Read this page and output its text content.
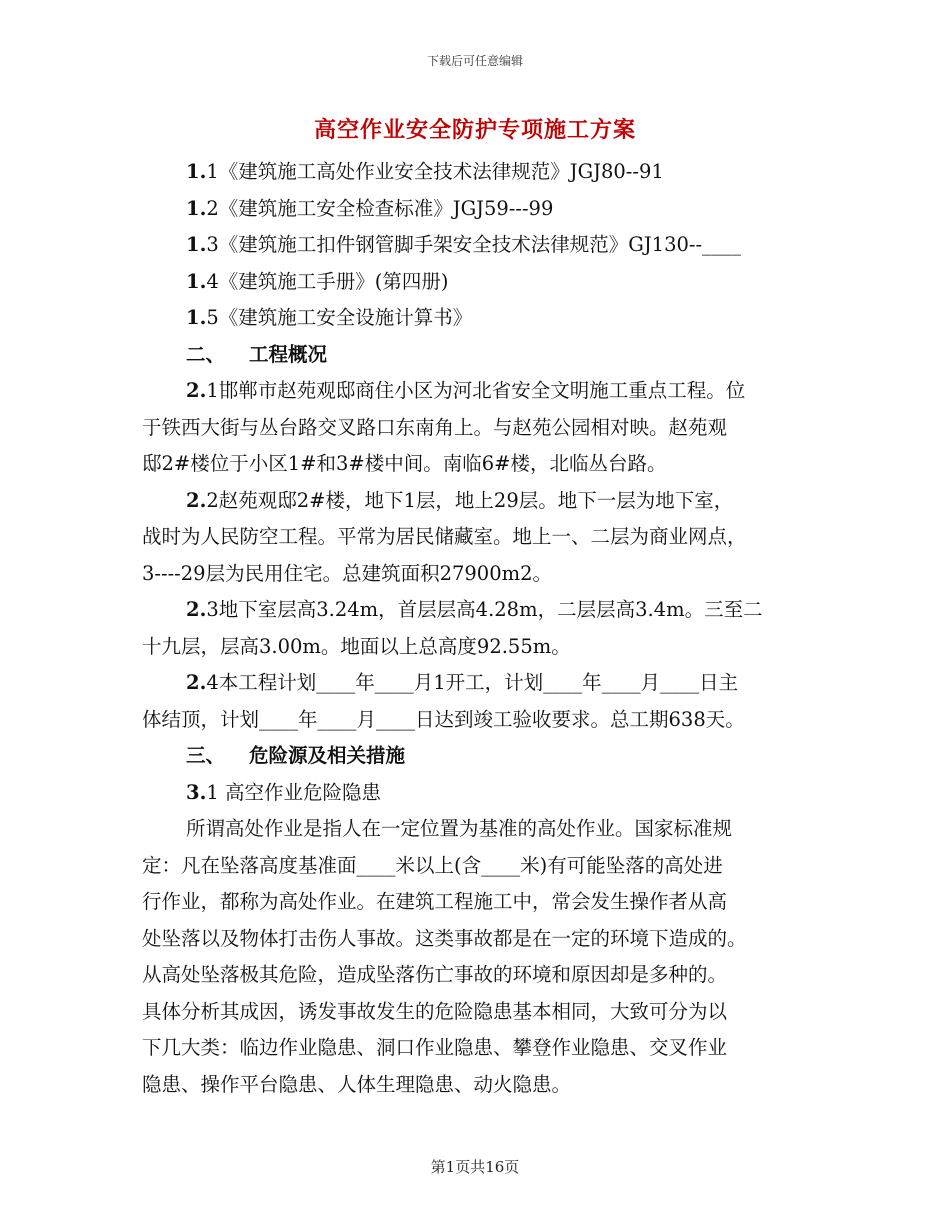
下载后可任意编辑
高空作业安全防护专项施工方案
1.1《建筑施工高处作业安全技术法律规范》JGJ80--91
1.2《建筑施工安全检查标准》JGJ59---99
1.3《建筑施工扣件钢管脚手架安全技术法律规范》GJ130--____
1.4《建筑施工手册》(第四册)
1.5《建筑施工安全设施计算书》
二、 工程概况
2.1邯郸市赵苑观邸商住小区为河北省安全文明施工重点工程。位
于铁西大街与丛台路交叉路口东南角上。与赵苑公园相对映。赵苑观
邸2#楼位于小区1#和3#楼中间。南临6#楼，北临丛台路。
2.2赵苑观邸2#楼，地下1层，地上29层。地下一层为地下室，
战时为人民防空工程。平常为居民储藏室。地上一、二层为商业网点，
3----29层为民用住宅。总建筑面积27900m2。
2.3地下室层高3.24m，首层层高4.28m，二层层高3.4m。三至二
十九层，层高3.00m。地面以上总高度92.55m。
2.4本工程计划____年____月1开工，计划____年____月____日主
体结顶，计划____年____月____日达到竣工验收要求。总工期638天。
三、 危险源及相关措施
3.1 高空作业危险隐患
所谓高处作业是指人在一定位置为基准的高处作业。国家标准规
定：凡在坠落高度基准面____米以上(含____米)有可能坠落的高处进
行作业，都称为高处作业。在建筑工程施工中，常会发生操作者从高
处坠落以及物体打击伤人事故。这类事故都是在一定的环境下造成的。
从高处坠落极其危险，造成坠落伤亡事故的环境和原因却是多种的。
具体分析其成因，诱发事故发生的危险隐患基本相同，大致可分为以
下几大类：临边作业隐患、洞口作业隐患、攀登作业隐患、交叉作业
隐患、操作平台隐患、人体生理隐患、动火隐患。
第1页共16页
